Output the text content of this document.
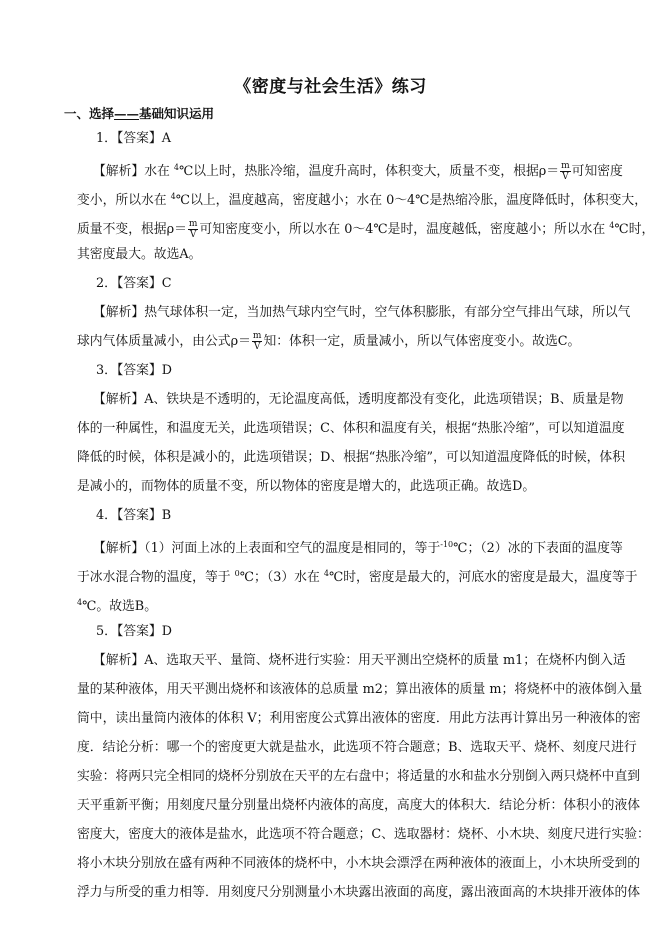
《密度与社会生活》练习
一、选择——基础知识运用
1．【答案】A
【解析】水在 $^4$℃以上时，热胀冷缩，温度升高时，体积变大，质量不变，根据$\rho= \frac{m}{V}$ 可知密度
变小，所以水在 $^4$℃以上，温度越高，密度越小；水在 0～4℃是热缩冷胀，温度降低时，体积变大，
质量不变，根据$\rho= \frac{m}{V}$ 可知密度变小，所以水在 0～4℃是时，温度越低，密度越小；所以水在 $^4$℃时，
其密度最大。故选A。
2．【答案】C
【解析】热气球体积一定，当加热气球内空气时，空气体积膨胀，有部分空气排出气球，所以气
球内气体质量减小，由公式$\rho= \frac{m}{V}$ 知：体积一定，质量减小，所以气体密度变小。故选C。
3．【答案】D
【解析】A、铁块是不透明的，无论温度高低，透明度都没有变化，此选项错误；B、质量是物
体的一种属性，和温度无关，此选项错误；C、体积和温度有关，根据“热胀冷缩”，可以知道温度
降低的时候，体积是减小的，此选项错误；D、根据“热胀冷缩”，可以知道温度降低的时候，体积
是减小的，而物体的质量不变，所以物体的密度是增大的，此选项正确。故选D。
4．【答案】B
【解析】（1）河面上冰的上表面和空气的温度是相同的，等于$^{-10}$℃；（2）冰的下表面的温度等
于冰水混合物的温度，等于 $^0$℃；（3）水在 $^4$℃时，密度是最大的，河底水的密度是最大，温度等于
$^4$℃。故选B。
5．【答案】D
【解析】A、选取天平、量筒、烧杯进行实验：用天平测出空烧杯的质量 m1；在烧杯内倒入适
量的某种液体，用天平测出烧杯和该液体的总质量 m2；算出液体的质量 m；将烧杯中的液体倒入量
筒中，读出量筒内液体的体积 V；利用密度公式算出液体的密度．用此方法再计算出另一种液体的密
度．结论分析：哪一个的密度更大就是盐水，此选项不符合题意；B、选取天平、烧杯、刻度尺进行
实验：将两只完全相同的烧杯分别放在天平的左右盘中；将适量的水和盐水分别倒入两只烧杯中直到
天平重新平衡；用刻度尺量分别量出烧杯内液体的高度，高度大的体积大．结论分析：体积小的液体
密度大，密度大的液体是盐水，此选项不符合题意；C、选取器材：烧杯、小木块、刻度尺进行实验：
将小木块分别放在盛有两种不同液体的烧杯中，小木块会漂浮在两种液体的液面上，小木块所受到的
浮力与所受的重力相等．用刻度尺分别测量小木块露出液面的高度，露出液面高的木块排开液体的体
